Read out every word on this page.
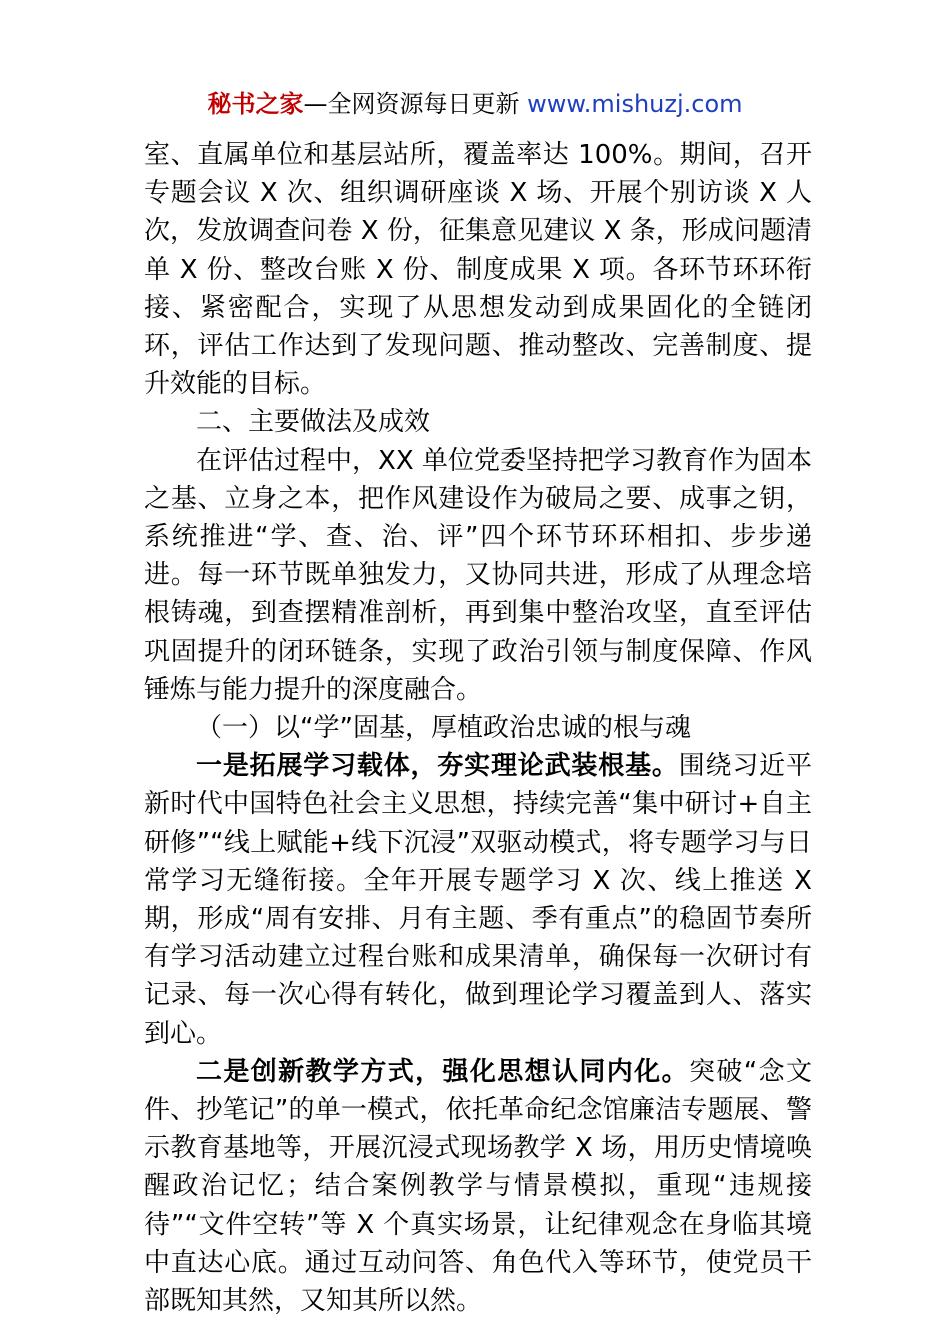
秘书之家—全网资源每日更新 www.mishuzj.com

室、直属单位和基层站所，覆盖率达 100%。期间，召开专题会议 X 次、组织调研座谈 X 场、开展个别访谈 X 人次，发放调查问卷 X 份，征集意见建议 X 条，形成问题清单 X 份、整改台账 X 份、制度成果 X 项。各环节环环衔接、紧密配合，实现了从思想发动到成果固化的全链闭环，评估工作达到了发现问题、推动整改、完善制度、提升效能的目标。

二、主要做法及成效

在评估过程中，XX 单位党委坚持把学习教育作为固本之基、立身之本，把作风建设作为破局之要、成事之钥，系统推进“学、查、治、评”四个环节环环相扣、步步递进。每一环节既单独发力，又协同共进，形成了从理念培根铸魂，到查摆精准剖析，再到集中整治攻坚，直至评估巩固提升的闭环链条，实现了政治引领与制度保障、作风锤炼与能力提升的深度融合。

（一）以“学”固基，厚植政治忠诚的根与魂

一是拓展学习载体，夯实理论武装根基。围绕习近平新时代中国特色社会主义思想，持续完善“集中研讨+自主研修”“线上赋能+线下沉浸”双驱动模式，将专题学习与日常学习无缝衔接。全年开展专题学习 X 次、线上推送 X 期，形成“周有安排、月有主题、季有重点”的稳固节奏所有学习活动建立过程台账和成果清单，确保每一次研讨有记录、每一次心得有转化，做到理论学习覆盖到人、落实到心。

二是创新教学方式，强化思想认同内化。突破“念文件、抄笔记”的单一模式，依托革命纪念馆廉洁专题展、警示教育基地等，开展沉浸式现场教学 X 场，用历史情境唤醒政治记忆；结合案例教学与情景模拟，重现“违规接待”“文件空转”等 X 个真实场景，让纪律观念在身临其境中直达心底。通过互动问答、角色代入等环节，使党员干部既知其然，又知其所以然。
